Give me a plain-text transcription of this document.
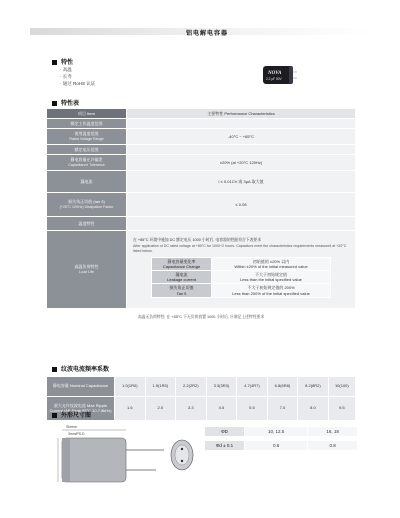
铝电解电容器
特性
· 高温
· 长寿
· 通过 RoHS 认证
NOVA
2.2 µF 50V
特性表
项目 Item	主要特性 Performance Characteristics
额定工作温度范围	
使用温度范围
Rated Voltage Range	-40°C ~ +85°C
额定电压范围	
静电容量允许偏差
Capacitance Tolerance	±20% (at +20°C 120Hz)
漏电流	I ≤ 0.01CV 或 3µA 取大值
损失角正切值 (tan δ)
(+20°C 120Hz) Dissipation Factor	≤ 0.08
温度特性	
高温负荷特性
Load Life	
在 +85°C 环境中施加 DC 额定电压 1000 小时后, 电容器的性能符合下表要求
After application of DC rated voltage at +85°C for 1000+2 hours. Capacitors meet the characteristics requirements measured at +20°C listed below.
静电容量变化率
Capacitance Change	初始值的 ±20% 以内
Within ±20% of the initial measured value
漏电流
Leakage current	不大于初始规定值
Less than the initial specified value
损失角正切值
Tan δ	不大于初始规定值的 200%
Less than 200% of the initial specified value

高温无负荷特性: 在 +85°C 下无负荷放置 1000 小时后, 应满足上述特性要求
纹波电流频率系数
静电容量 Nominal Capacitance	1.0(1R0)	1.5(1R5)	2.2(2R2)	3.3(3R3)	4.7(4R7)	6.8(6R8)	8.2(8R2)	10(100)
最大允许纹波电流 Max Ripple Current (AP-Peak 85°C 10.7.8kHz)	1.6	2.0	3.3	4.5	5.5	7.0	8.0	9.5
外形尺寸图
Sleeve
3mm/PS.D	ΦD	10, 12.5	16, 18

Φd ± 0.1	0.6	0.8
